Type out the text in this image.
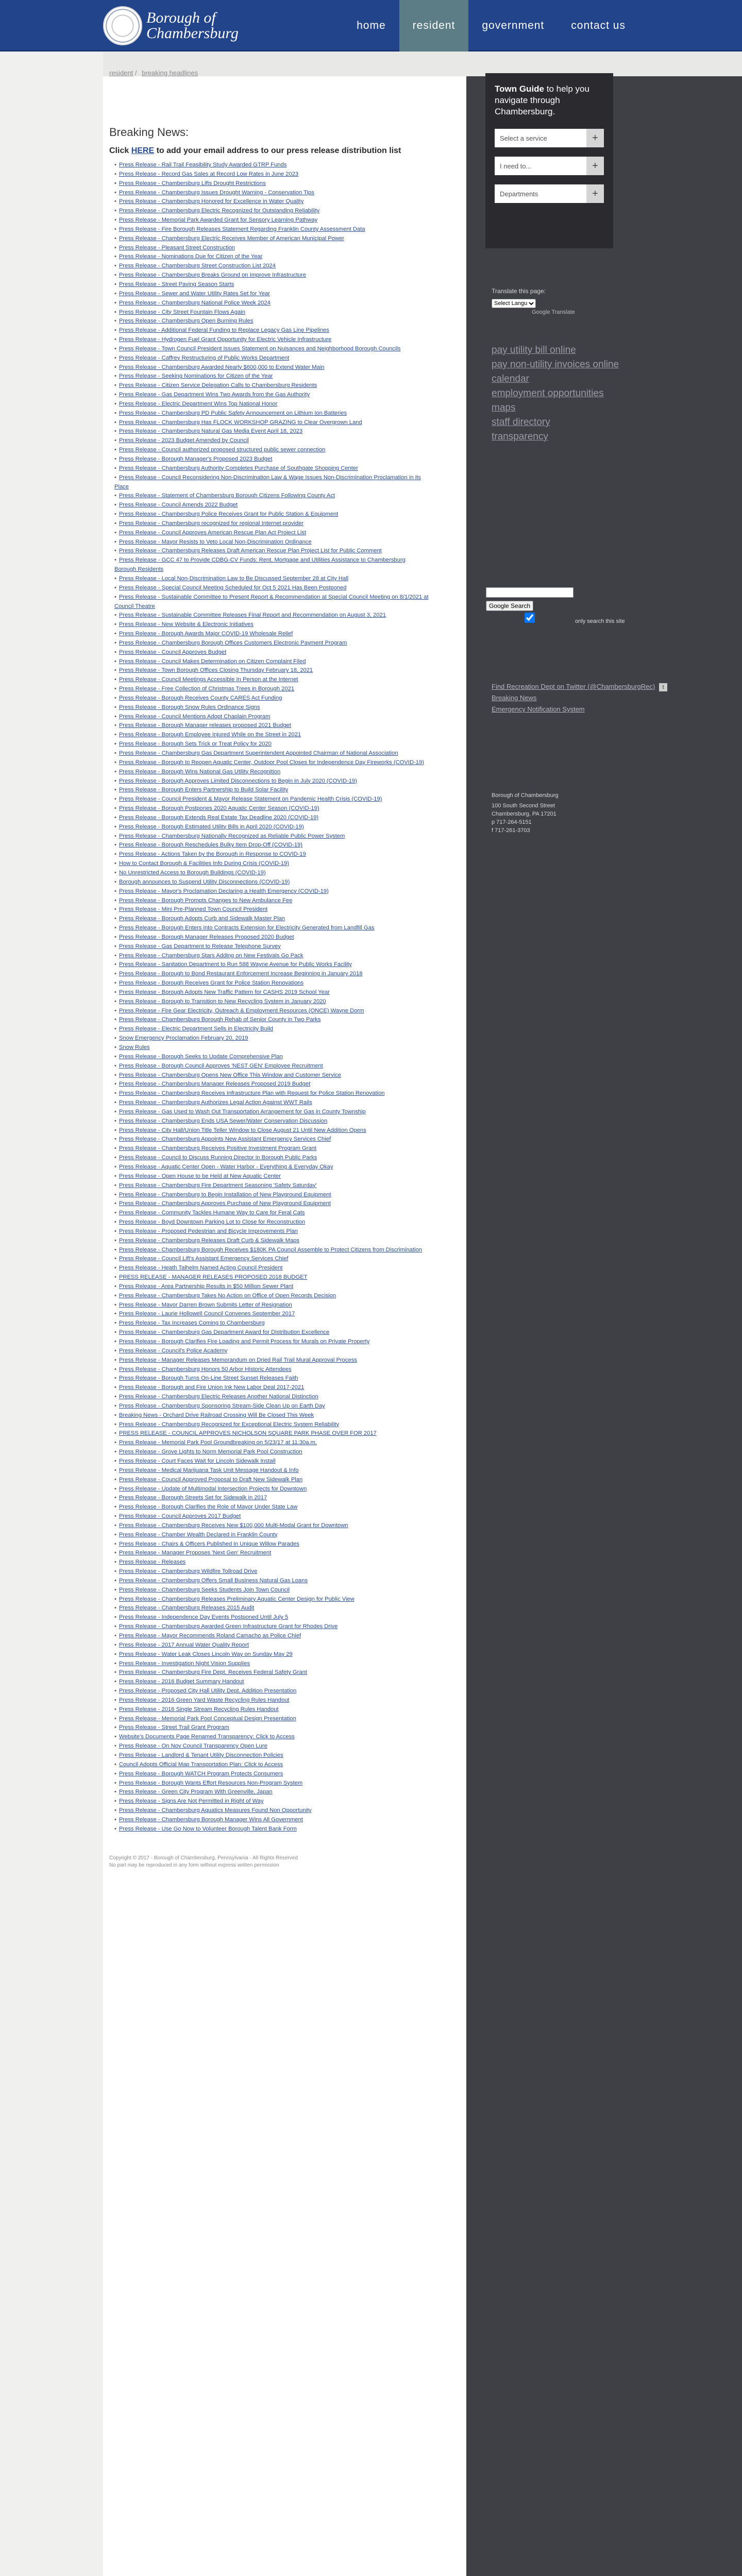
Borough of
Chambersburg	home	resident	government	contact us
resident / breaking headlines
Breaking News:

Click HERE to add your email address to our press release distribution list

• Press Release - Rail Trail Feasibility Study Awarded GTRP Funds
• Press Release - Record Gas Sales at Record Low Rates in June 2023
• Press Release - Chambersburg Lifts Drought Restrictions
• Press Release - Chambersburg Issues Drought Warning - Conservation Tips
• Press Release - Chambersburg Honored for Excellence in Water Quality
• Press Release - Chambersburg Electric Recognized for Outstanding Reliability
• Press Release - Memorial Park Awarded Grant for Sensory Learning Pathway
• Press Release - Fire Borough Releases Statement Regarding Franklin County Assessment Data
• Press Release - Chambersburg Electric Receives Member of American Municipal Power
• Press Release - Pleasant Street Construction
• Press Release - Nominations Due for Citizen of the Year
• Press Release - Chambersburg Street Construction List 2024
• Press Release - Chambersburg Breaks Ground on Improve Infrastructure
• Press Release - Street Paving Season Starts
• Press Release - Sewer and Water Utility Rates Set for Year
• Press Release - Chambersburg National Police Week 2024
• Press Release - City Street Fountain Flows Again
• Press Release - Chambersburg Open Burning Rules
• Press Release - Additional Federal Funding to Replace Legacy Gas Line Pipelines
• Press Release - Hydrogen Fuel Grant Opportunity for Electric Vehicle Infrastructure
• Press Release - Town Council President Issues Statement on Nuisances and Neighborhood Borough Councils
• Press Release - Caffrey Restructuring of Public Works Department
• Press Release - Chambersburg Awarded Nearly $600,000 to Extend Water Main
• Press Release - Seeking Nominations for Citizen of the Year
• Press Release - Citizen Service Delegation Calls to Chambersburg Residents
• Press Release - Gas Department Wins Two Awards from the Gas Authority
• Press Release - Electric Department Wins Top National Honor
• Press Release - Chambersburg PD Public Safety Announcement on Lithium Ion Batteries
• Press Release - Chambersburg Has FLOCK WORKSHOP GRAZING to Clear Overgrown Land
• Press Release - Chambersburg Natural Gas Media Event April 18, 2023
• Press Release - 2023 Budget Amended by Council
• Press Release - Council authorized proposed structured public sewer connection
• Press Release - Borough Manager's Proposed 2023 Budget
• Press Release - Chambersburg Authority Completes Purchase of Southgate Shopping Center
• Press Release - Council Reconsidering Non-Discrimination Law & Wage Issues Non-Discrimination Proclamation in its Place
• Press Release - Statement of Chambersburg Borough Citizens Following County Act
• Press Release - Council Amends 2022 Budget
• Press Release - Chambersburg Police Receives Grant for Public Station & Equipment
• Press Release - Chambersburg recognized for regional Internet provider
• Press Release - Council Approves American Rescue Plan Act Project List
• Press Release - Mayor Resists to Veto Local Non-Discrimination Ordinance
• Press Release - Chambersburg Releases Draft American Rescue Plan Project List for Public Comment
• Press Release - GCC 47 to Provide CDBG-CV Funds: Rent, Mortgage and Utilities Assistance to Chambersburg Borough Residents
• Press Release - Local Non-Discrimination Law to Be Discussed September 28 at City Hall
• Press Release - Special Council Meeting Scheduled for Oct 5 2021 Has Been Postponed
• Press Release - Sustainable Committee to Present Report & Recommendation at Special Council Meeting on 8/1/2021 at Council Theatre
• Press Release - Sustainable Committee Releases Final Report and Recommendation on August 3, 2021
• Press Release - New Website & Electronic Initiatives
• Press Release - Borough Awards Major COVID-19 Wholesale Relief
• Press Release - Chambersburg Borough Offices Customers Electronic Payment Program
• Press Release - Council Approves Budget
• Press Release - Council Makes Determination on Citizen Complaint Filed
• Press Release - Town Borough Offices Closing Thursday February 18, 2021
• Press Release - Council Meetings Accessible In Person at the Internet
• Press Release - Free Collection of Christmas Trees in Borough 2021
• Press Release - Borough Receives County CARES Act Funding
• Press Release - Borough Snow Rules Ordinance Signs
• Press Release - Council Mentions Adopt Chaplain Program
• Press Release - Borough Manager releases proposed 2021 Budget
• Press Release - Borough Employee Injured While on the Street in 2021
• Press Release - Borough Sets Trick or Treat Policy for 2020
• Press Release - Chambersburg Gas Department Superintendent Appointed Chairman of National Association
• Press Release - Borough to Reopen Aquatic Center, Outdoor Pool Closes for Independence Day Fireworks (COVID-19)
• Press Release - Borough Wins National Gas Utility Recognition
• Press Release - Borough Approves Limited Disconnections to Begin in July 2020 (COVID-19)
• Press Release - Borough Enters Partnership to Build Solar Facility
• Press Release - Council President & Mayor Release Statement on Pandemic Health Crisis (COVID-19)
• Press Release - Borough Postpones 2020 Aquatic Center Season (COVID-19)
• Press Release - Borough Extends Real Estate Tax Deadline 2020 (COVID-19)
• Press Release - Borough Estimated Utility Bills in April 2020 (COVID-19)
• Press Release - Chambersburg Nationally Recognized as Reliable Public Power System
• Press Release - Borough Reschedules Bulky Item Drop-Off (COVID-19)
• Press Release - Actions Taken by the Borough in Response to COVID-19
• How to Contact Borough & Facilities Info During Crisis (COVID-19)
• No Unrestricted Access to Borough Buildings (COVID-19)
• Borough announces to Suspend Utility Disconnections (COVID-19)
• Press Release - Mayor's Proclamation Declaring a Health Emergency (COVID-19)
• Press Release - Borough Prompts Changes to New Ambulance Fee
• Press Release - Mini Pre-Planned Town Council President
• Press Release - Borough Adopts Curb and Sidewalk Master Plan
• Press Release - Borough Enters into Contracts Extension for Electricity Generated from Landfill Gas
• Press Release - Borough Manager Releases Proposed 2020 Budget
• Press Release - Gas Department to Release Telephone Survey
• Press Release - Chambersburg Stars Adding on New Festivals Go Pack
• Press Release - Sanitation Department to Run 588 Wayne Avenue for Public Works Facility
• Press Release - Borough to Bond Restaurant Enforcement Increase Beginning in January 2018
• Press Release - Borough Receives Grant for Police Station Renovations
• Press Release - Borough Adopts New Traffic Pattern for CASHS 2019 School Year
• Press Release - Borough to Transition to New Recycling System in January 2020
• Press Release - Fire Gear Electricity, Outreach & Employment Resources (ONCE) Wayne Dorm
• Press Release - Chambersburg Borough Rehab of Senior County in Two Parks
• Press Release - Electric Department Sells in Electricity Build
• Snow Emergency Proclamation February 20, 2019
• Snow Rules
• Press Release - Borough Seeks to Update Comprehensive Plan
• Press Release - Borough Council Approves 'NEST GEN' Employee Recruitment
• Press Release - Chambersburg Opens New Office This Window and Customer Service
• Press Release - Chambersburg Manager Releases Proposed 2019 Budget
• Press Release - Chambersburg Receives Infrastructure Plan with Request for Police Station Renovation
• Press Release - Chambersburg Authorizes Legal Action Against WWT Rails
• Press Release - Gas Used to Wash Out Transportation Arrangement for Gas in County Township
• Press Release - Chambersburg Ends USA Sewer/Water Conservation Discussion
• Press Release - City Hall/Union Title Teller Window to Close August 21 Until New Addition Opens
• Press Release - Chambersburg Appoints New Assistant Emergency Services Chief
• Press Release - Chambersburg Receives Positive Investment Program Grant
• Press Release - Council to Discuss Running Director in Borough Public Parks
• Press Release - Aquatic Center Open - Water Harbor - Everything & Everyday Okay
• Press Release - Open House to be Held at New Aquatic Center
• Press Release - Chambersburg Fire Department Seasoning 'Safety Saturday'
• Press Release - Chambersburg to Begin Installation of New Playground Equipment
• Press Release - Chambersburg Approves Purchase of New Playground Equipment
• Press Release - Community Tackles Humane Way to Care for Feral Cats
• Press Release - Boyd Downtown Parking Lot to Close for Reconstruction
• Press Release - Proposed Pedestrian and Bicycle Improvements Plan
• Press Release - Chambersburg Releases Draft Curb & Sidewalk Maps
• Press Release - Chambersburg Borough Receives $180K PA Council Assemble to Protect Citizens from Discrimination
• Press Release - Council Lift's Assistant Emergency Services Chief
• Press Release - Heath Talhelm Named Acting Council President
• PRESS RELEASE - MANAGER RELEASES PROPOSED 2018 BUDGET
• Press Release - Area Partnership Results in $50 Million Sewer Plant
• Press Release - Chambersburg Takes No Action on Office of Open Records Decision
• Press Release - Mayor Darren Brown Submits Letter of Resignation
• Press Release - Laurie Hollowell Council Convenes September 2017
• Press Release - Tax Increases Coming to Chambersburg
• Press Release - Chambersburg Gas Department Award for Distribution Excellence
• Press Release - Borough Clarifies Fire Loading and Permit Process for Murals on Private Property
• Press Release - Council's Police Academy
• Press Release - Manager Releases Memorandum on Dried Rail Trail Mural Approval Process
• Press Release - Chambersburg Honors 50 Arbor Historic Attendees
• Press Release - Borough Turns On-Line Street Sunset Releases Faith
• Press Release - Borough and Fire Union Ink New Labor Deal 2017-2021
• Press Release - Chambersburg Electric Releases Another National Distinction
• Press Release - Chambersburg Sponsoring Stream-Side Clean Up on Earth Day
• Breaking News - Orchard Drive Railroad Crossing Will Be Closed This Week
• Press Release - Chambersburg Recognized for Exceptional Electric System Reliability
• PRESS RELEASE - COUNCIL APPROVES NICHOLSON SQUARE PARK PHASE OVER FOR 2017
• Press Release - Memorial Park Pool Groundbreaking on 5/23/17 at 11:30a.m.
• Press Release - Grove Lights to Norm Memorial Park Pool Construction
• Press Release - Court Faces Wait for Lincoln Sidewalk Install
• Press Release - Medical Marijuana Task Unit Message Handout & Info
• Press Release - Council Approved Proposal to Draft New Sidewalk Plan
• Press Release - Update of Multimodal Intersection Projects for Downtown
• Press Release - Borough Streets Set for Sidewalk in 2017
• Press Release - Borough Clarifies the Role of Mayor Under State Law
• Press Release - Council Approves 2017 Budget
• Press Release - Chambersburg Receives New $100,000 Multi-Modal Grant for Downtown
• Press Release - Chamber Wealth Declared in Franklin County
• Press Release - Chairs & Officers Published in Unique Willow Parades
• Press Release - Manager Proposes 'Next Gen' Recruitment
• Press Release - Releases
• Press Release - Chambersburg Wildfire Tollroad Drive
• Press Release - Chambersburg Offers Small Business Natural Gas Loans
• Press Release - Chambersburg Seeks Students Join Town Council
• Press Release - Chambersburg Releases Preliminary Aquatic Center Design for Public View
• Press Release - Chambersburg Releases 2015 Audit
• Press Release - Independence Day Events Postponed Until July 5
• Press Release - Chambersburg Awarded Green Infrastructure Grant for Rhodes Drive
• Press Release - Mayor Recommends Roland Camacho as Police Chief
• Press Release - 2017 Annual Water Quality Report
• Press Release - Water Leak Closes Lincoln Way on Sunday May 29
• Press Release - Investigation Night Vision Supplies
• Press Release - Chambersburg Fire Dept. Receives Federal Safety Grant
• Press Release - 2016 Budget Summary Handout
• Press Release - Proposed City Hall Utility Dept. Addition Presentation
• Press Release - 2016 Green Yard Waste Recycling Rules Handout
• Press Release - 2016 Single Stream Recycling Rules Handout
• Press Release - Memorial Park Pool Conceptual Design Presentation
• Press Release - Street Trail Grant Program
• Website's Documents Page Renamed Transparency: Click to Access
• Press Release - On Nov Council Transparency Open Lure
• Press Release - Landlord & Tenant Utility Disconnection Policies
• Council Adopts Official Map Transportation Plan: Click to Access
• Press Release - Borough WATCH Program Protects Consumers
• Press Release - Borough Wants Effort Resources Non-Program System
• Press Release - Green City Program With Greenville, Japan
• Press Release - Signs Are Not Permitted in Right of Way
• Press Release - Chambersburg Aquatics Measures Found Non Opportunity
• Press Release - Chambersburg Borough Manager Wins All Government
• Press Release - Use Go Now to Volunteer Borough Talent Bank Form
Copyright © 2017 - Borough of Chambersburg, Pennsylvania - All Rights Reserved
No part may be reproduced in any form without express written permission
Town Guide to help you navigate through Chambersburg.
Select a service	+
I need to...	+
Departments	+
Translate this page:
Select Language
Google Translate
pay utility bill online
pay non-utility invoices online
calendar
employment opportunities
maps
staff directory
transparency
Google Search
only search this site
Find Recreation Dept on Twitter (@ChambersburgRec) t
Breaking News
Emergency Notification System
Borough of Chambersburg
100 South Second Street
Chambersburg, PA 17201
p 717-264-5151
f 717-261-3703
